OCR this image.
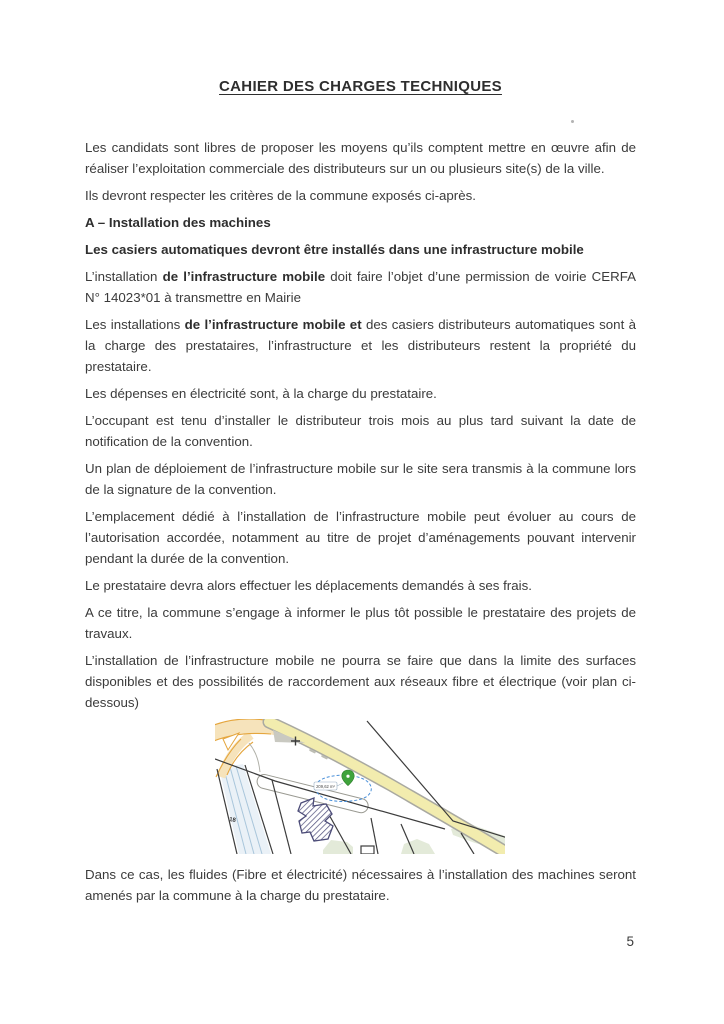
CAHIER DES CHARGES TECHNIQUES

Les candidats sont libres de proposer les moyens qu’ils comptent mettre en œuvre afin de réaliser l’exploitation commerciale des distributeurs sur un ou plusieurs site(s) de la ville.

Ils devront respecter les critères de la commune exposés ci-après.

A – Installation des machines
Les casiers automatiques devront être installés dans une infrastructure mobile

L’installation de l’infrastructure mobile doit faire l’objet d’une permission de voirie CERFA N° 14023*01 à transmettre en Mairie

Les installations de l’infrastructure mobile et des casiers distributeurs automatiques sont à la charge des prestataires, l’infrastructure et les distributeurs restent la propriété du prestataire.

Les dépenses en électricité sont, à la charge du prestataire.

L’occupant est tenu d’installer le distributeur trois mois au plus tard suivant la date de notification de la convention.

Un plan de déploiement de l’infrastructure mobile sur le site sera transmis à la commune lors de la signature de la convention.

L’emplacement dédié à l’installation de l’infrastructure mobile peut évoluer au cours de l’autorisation accordée, notamment au titre de projet d’aménagements pouvant intervenir pendant la durée de la convention.

Le prestataire devra alors effectuer les déplacements demandés à ses frais.

A ce titre, la commune s’engage à informer le plus tôt possible le prestataire des projets de travaux.

L’installation de l’infrastructure mobile ne pourra se faire que dans la limite des surfaces disponibles et des possibilités de raccordement aux réseaux fibre et électrique (voir plan ci-dessous)

209,62 m²
18

Dans ce cas, les fluides (Fibre et électricité) nécessaires à l’installation des machines seront amenés par la commune à la charge du prestataire.

5
